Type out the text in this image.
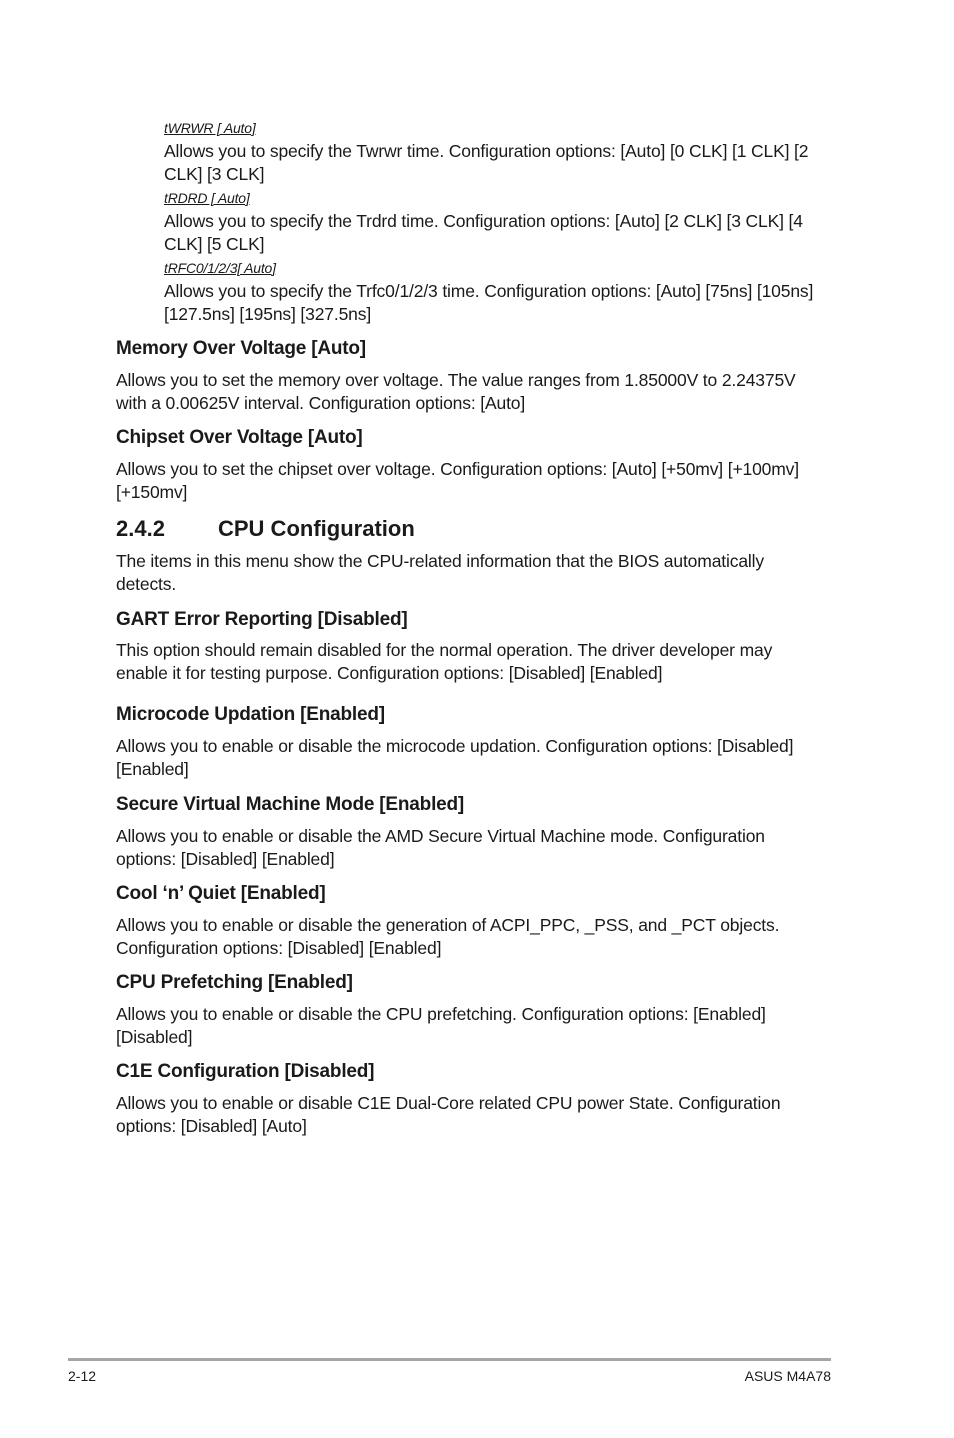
tWRWR [ Auto]
Allows you to specify the Twrwr time. Configuration options: [Auto] [0 CLK] [1 CLK] [2 CLK] [3 CLK]
tRDRD [ Auto]
Allows you to specify the Trdrd time. Configuration options: [Auto] [2 CLK] [3 CLK] [4 CLK] [5 CLK]
tRFC0/1/2/3[ Auto]
Allows you to specify the Trfc0/1/2/3 time. Configuration options: [Auto] [75ns] [105ns] [127.5ns] [195ns] [327.5ns]
Memory Over Voltage [Auto]
Allows you to set the memory over voltage. The value ranges from 1.85000V to 2.24375V with a 0.00625V interval. Configuration options: [Auto]
Chipset Over Voltage [Auto]
Allows you to set the chipset over voltage. Configuration options: [Auto] [+50mv] [+100mv] [+150mv]
2.4.2 CPU Configuration
The items in this menu show the CPU-related information that the BIOS automatically detects.
GART Error Reporting [Disabled]
This option should remain disabled for the normal operation. The driver developer may enable it for testing purpose. Configuration options: [Disabled] [Enabled]
Microcode Updation [Enabled]
Allows you to enable or disable the microcode updation. Configuration options: [Disabled] [Enabled]
Secure Virtual Machine Mode [Enabled]
Allows you to enable or disable the AMD Secure Virtual Machine mode. Configuration options: [Disabled] [Enabled]
Cool ‘n’ Quiet [Enabled]
Allows you to enable or disable the generation of ACPI_PPC, _PSS, and _PCT objects. Configuration options: [Disabled] [Enabled]
CPU Prefetching [Enabled]
Allows you to enable or disable the CPU prefetching. Configuration options: [Enabled] [Disabled]
C1E Configuration [Disabled]
Allows you to enable or disable C1E Dual-Core related CPU power State. Configuration options: [Disabled] [Auto]
2-12	ASUS M4A78
